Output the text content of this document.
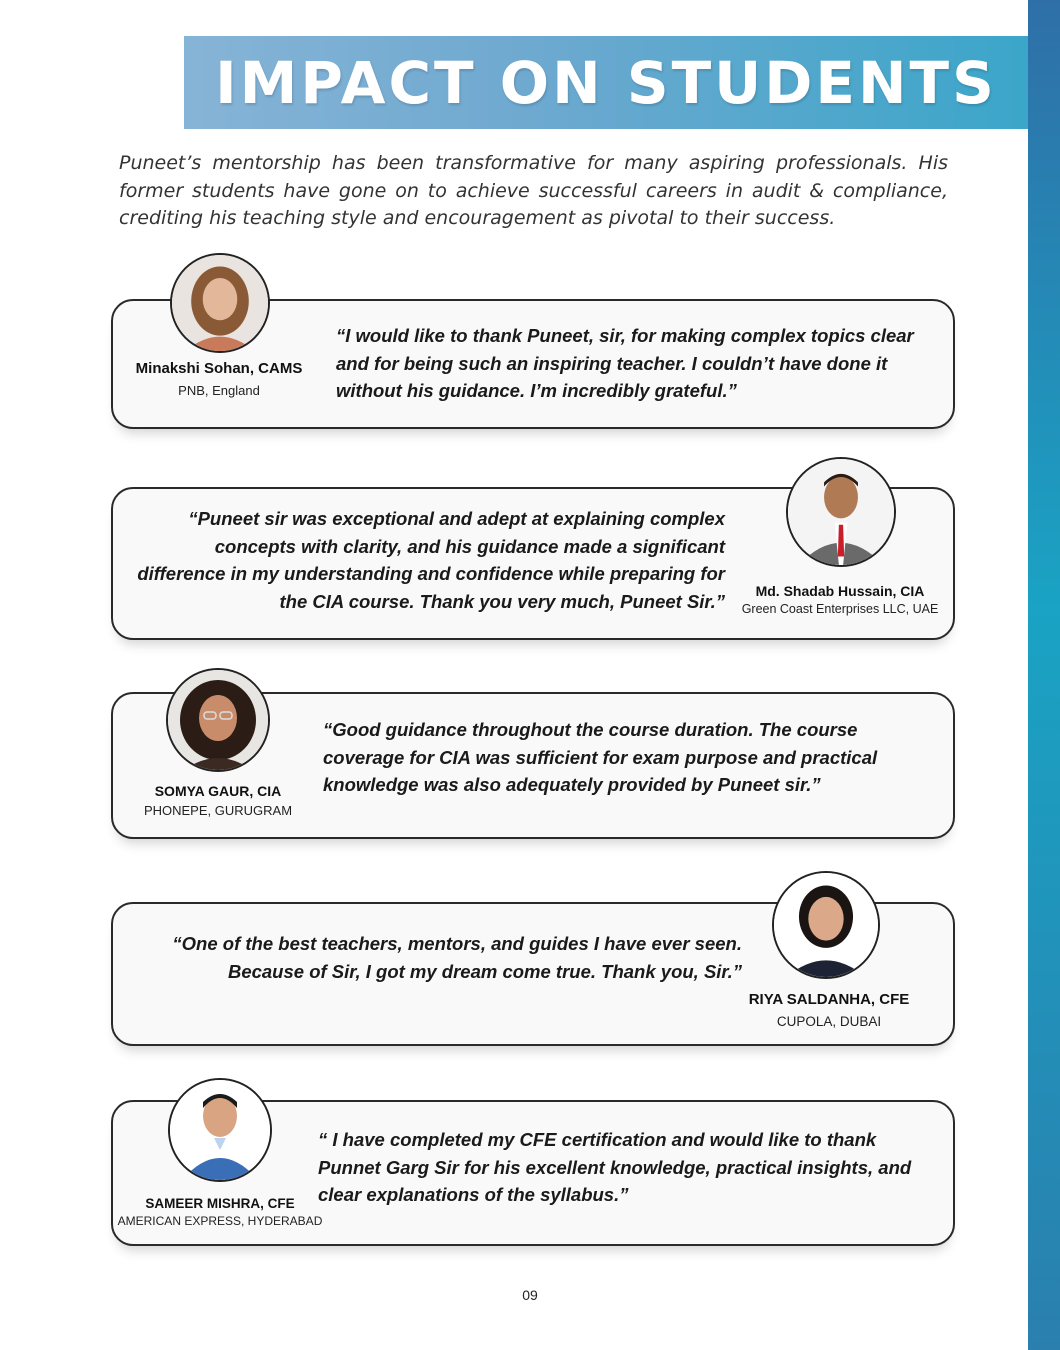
IMPACT ON STUDENTS
Puneet’s mentorship has been transformative for many aspiring professionals. His former students have gone on to achieve successful careers in audit & compliance, crediting his teaching style and encouragement as pivotal to their success.
Minakshi Sohan, CAMS
PNB, England
“I would like to thank Puneet, sir, for making complex topics clear and for being such an inspiring teacher. I couldn’t have done it without his guidance. I’m incredibly grateful.”
Md. Shadab Hussain, CIA
Green Coast Enterprises LLC, UAE
“Puneet sir was exceptional and adept at explaining complex concepts with clarity, and his guidance made a significant difference in my understanding and confidence while preparing for the CIA course. Thank you very much, Puneet Sir.”
SOMYA GAUR, CIA
PHONEPE, GURUGRAM
“Good guidance throughout the course duration. The course coverage for CIA was sufficient for exam purpose and practical knowledge was also adequately provided by Puneet sir.”
RIYA SALDANHA, CFE
CUPOLA, DUBAI
“One of the best teachers, mentors, and guides I have ever seen. Because of Sir, I got my dream come true. Thank you, Sir.”
SAMEER MISHRA, CFE
AMERICAN EXPRESS, HYDERABAD
“ I have completed my CFE certification and would like to thank Punnet Garg Sir for his excellent knowledge, practical insights, and clear explanations of the syllabus.”
09
